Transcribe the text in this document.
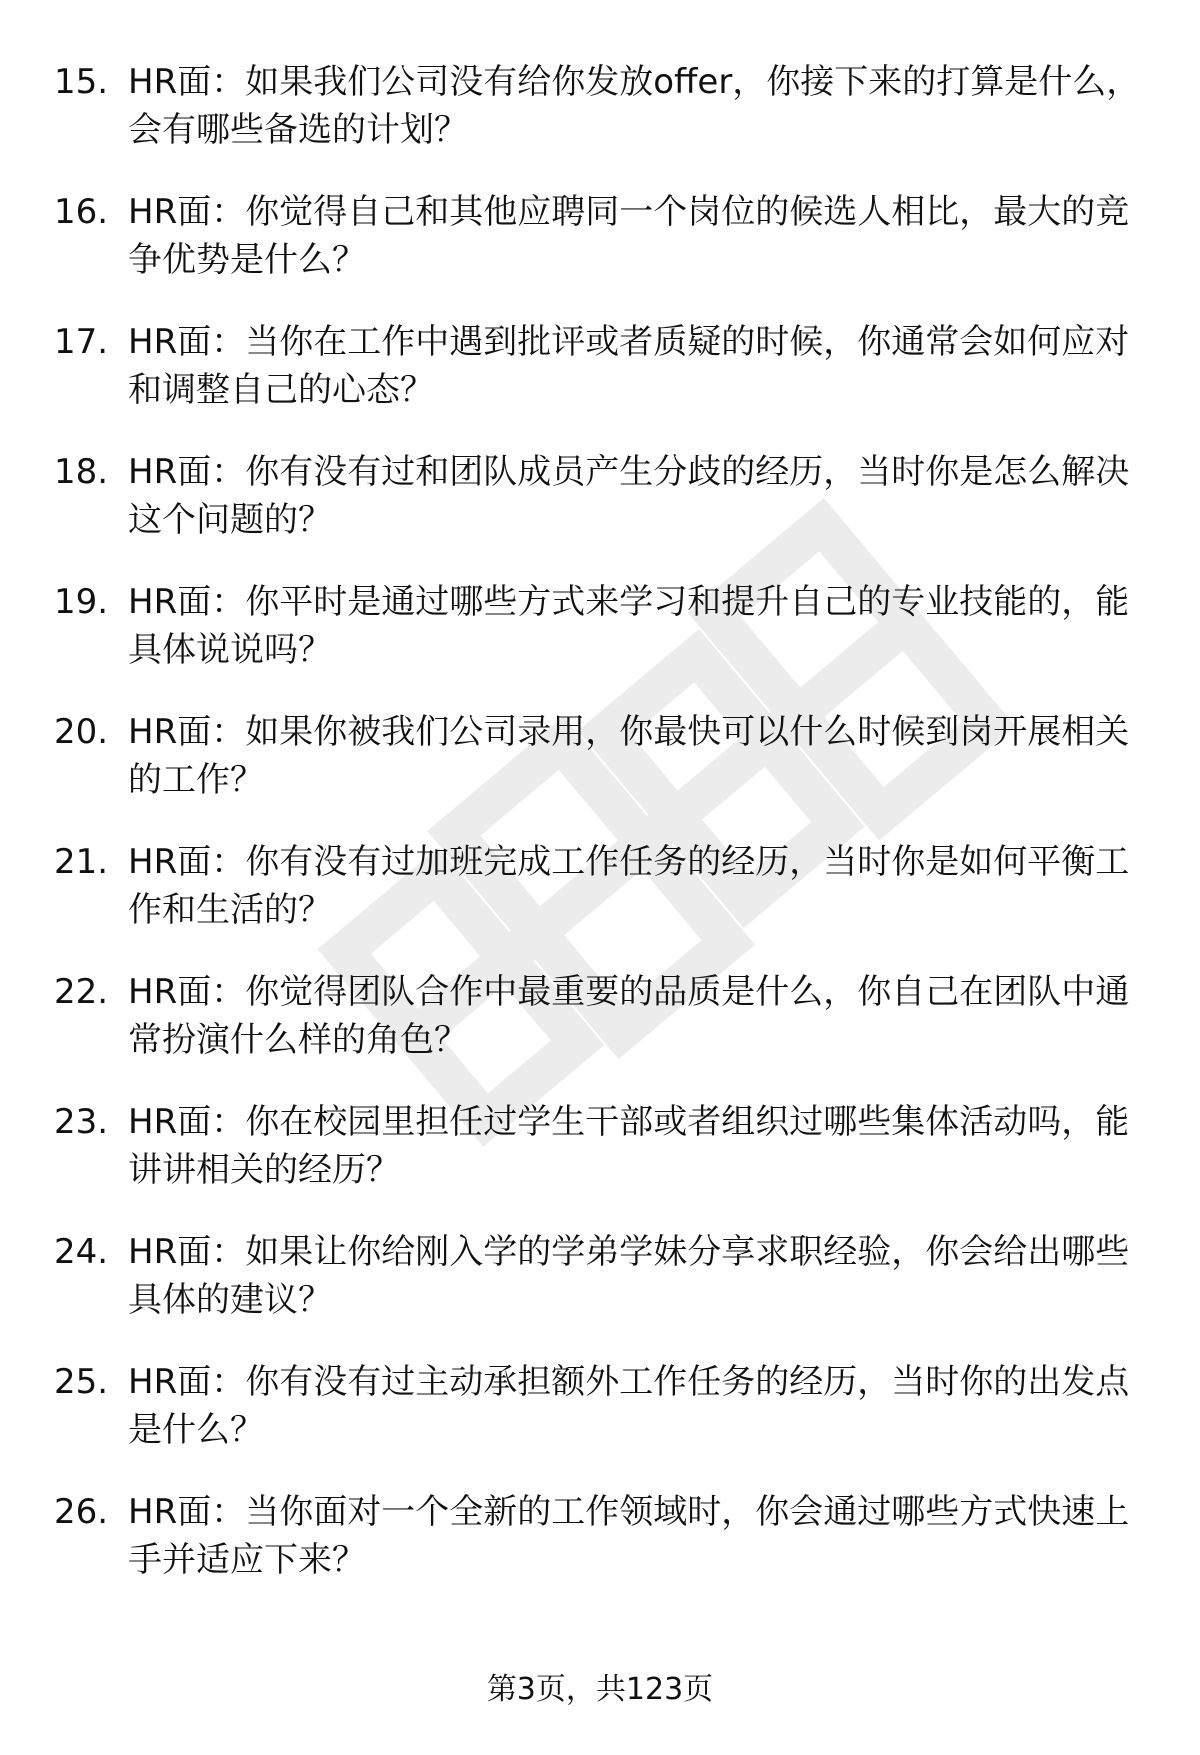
15. HR面：如果我们公司没有给你发放offer，你接下来的打算是什么，会有哪些备选的计划？
16. HR面：你觉得自己和其他应聘同一个岗位的候选人相比，最大的竞争优势是什么？
17. HR面：当你在工作中遇到批评或者质疑的时候，你通常会如何应对和调整自己的心态？
18. HR面：你有没有过和团队成员产生分歧的经历，当时你是怎么解决这个问题的？
19. HR面：你平时是通过哪些方式来学习和提升自己的专业技能的，能具体说说吗？
20. HR面：如果你被我们公司录用，你最快可以什么时候到岗开展相关的工作？
21. HR面：你有没有过加班完成工作任务的经历，当时你是如何平衡工作和生活的？
22. HR面：你觉得团队合作中最重要的品质是什么，你自己在团队中通常扮演什么样的角色？
23. HR面：你在校园里担任过学生干部或者组织过哪些集体活动吗，能讲讲相关的经历？
24. HR面：如果让你给刚入学的学弟学妹分享求职经验，你会给出哪些具体的建议？
25. HR面：你有没有过主动承担额外工作任务的经历，当时你的出发点是什么？
26. HR面：当你面对一个全新的工作领域时，你会通过哪些方式快速上手并适应下来？
第3页，共123页
